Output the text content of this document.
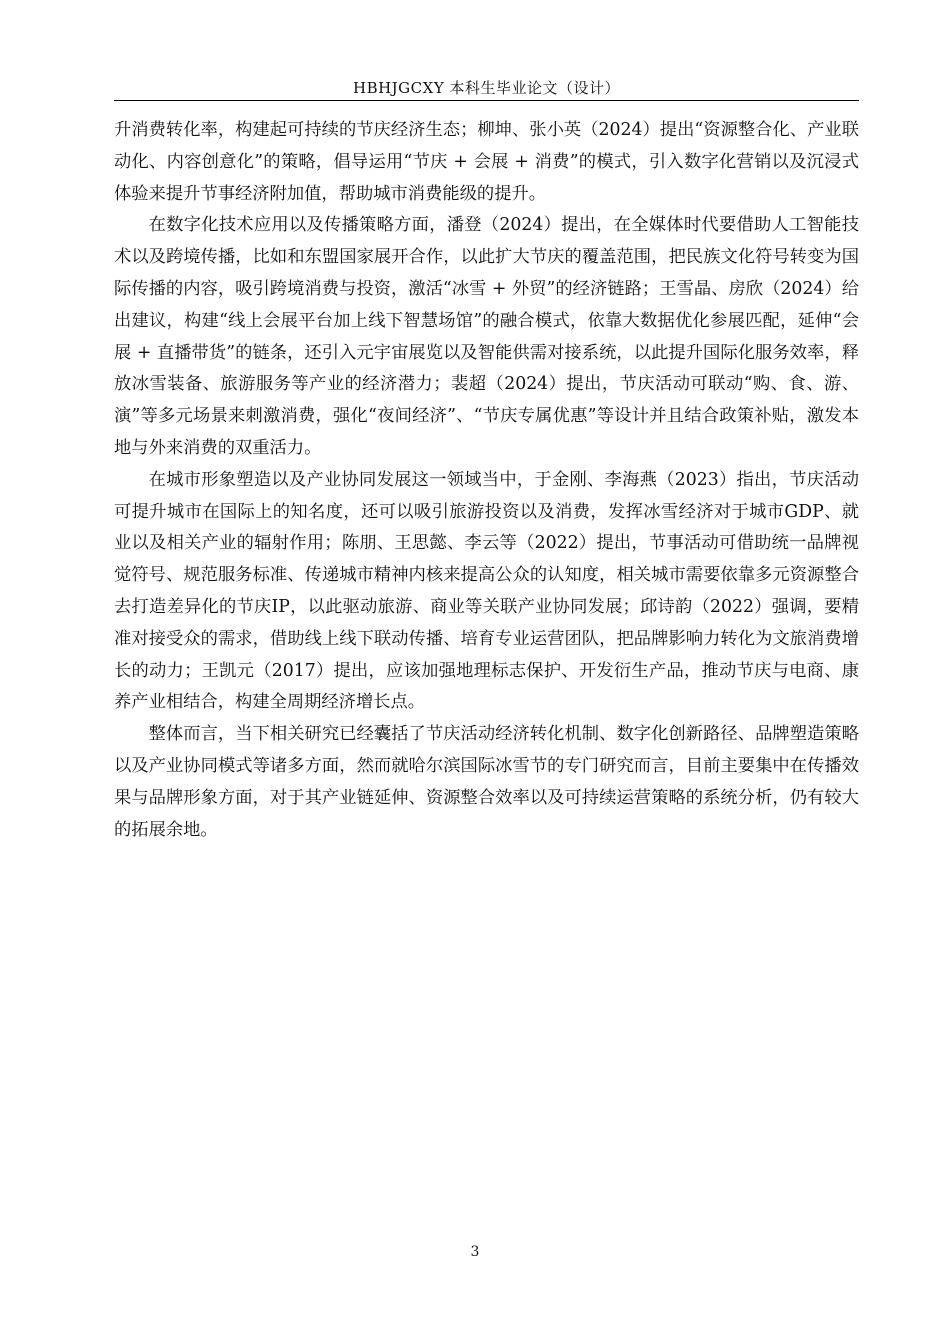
HBHJGCXY 本科生毕业论文（设计）

升消费转化率，构建起可持续的节庆经济生态；柳坤、张小英（2024）提出“资源整合化、产业联动化、内容创意化”的策略，倡导运用“节庆 + 会展 + 消费”的模式，引入数字化营销以及沉浸式体验来提升节事经济附加值，帮助城市消费能级的提升。

在数字化技术应用以及传播策略方面，潘登（2024）提出，在全媒体时代要借助人工智能技术以及跨境传播，比如和东盟国家展开合作，以此扩大节庆的覆盖范围，把民族文化符号转变为国际传播的内容，吸引跨境消费与投资，激活“冰雪 + 外贸”的经济链路；王雪晶、房欣（2024）给出建议，构建“线上会展平台加上线下智慧场馆”的融合模式，依靠大数据优化参展匹配，延伸“会展 + 直播带货”的链条，还引入元宇宙展览以及智能供需对接系统，以此提升国际化服务效率，释放冰雪装备、旅游服务等产业的经济潜力；裴超（2024）提出，节庆活动可联动“购、食、游、演”等多元场景来刺激消费，强化“夜间经济”、“节庆专属优惠”等设计并且结合政策补贴，激发本地与外来消费的双重活力。

在城市形象塑造以及产业协同发展这一领域当中，于金刚、李海燕（2023）指出，节庆活动可提升城市在国际上的知名度，还可以吸引旅游投资以及消费，发挥冰雪经济对于城市GDP、就业以及相关产业的辐射作用；陈朋、王思懿、李云等（2022）提出，节事活动可借助统一品牌视觉符号、规范服务标准、传递城市精神内核来提高公众的认知度，相关城市需要依靠多元资源整合去打造差异化的节庆IP，以此驱动旅游、商业等关联产业协同发展；邱诗韵（2022）强调，要精准对接受众的需求，借助线上线下联动传播、培育专业运营团队，把品牌影响力转化为文旅消费增长的动力；王凯元（2017）提出，应该加强地理标志保护、开发衍生产品，推动节庆与电商、康养产业相结合，构建全周期经济增长点。

整体而言，当下相关研究已经囊括了节庆活动经济转化机制、数字化创新路径、品牌塑造策略以及产业协同模式等诸多方面，然而就哈尔滨国际冰雪节的专门研究而言，目前主要集中在传播效果与品牌形象方面，对于其产业链延伸、资源整合效率以及可持续运营策略的系统分析，仍有较大的拓展余地。

3
